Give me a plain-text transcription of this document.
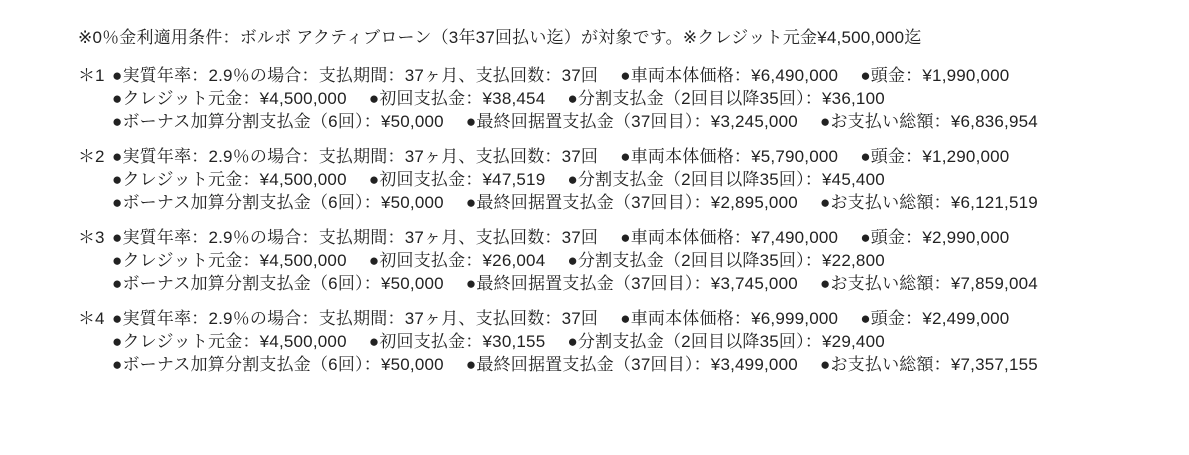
※0％金利適用条件：ボルボ アクティブローン（3年37回払い迄）が対象です。※クレジット元金¥4,500,000迄

＊1 ●実質年率：2.9％の場合：支払期間：37ヶ月、支払回数：37回　 ●車両本体価格：¥6,490,000　 ●頭金：¥1,990,000

●クレジット元金：¥4,500,000　 ●初回支払金：¥38,454　 ●分割支払金（2回目以降35回）：¥36,100

●ボーナス加算分割支払金（6回）：¥50,000　 ●最終回据置支払金（37回目）：¥3,245,000　 ●お支払い総額：¥6,836,954

＊2 ●実質年率：2.9％の場合：支払期間：37ヶ月、支払回数：37回　 ●車両本体価格：¥5,790,000　 ●頭金：¥1,290,000

●クレジット元金：¥4,500,000　 ●初回支払金：¥47,519　 ●分割支払金（2回目以降35回）：¥45,400

●ボーナス加算分割支払金（6回）：¥50,000　 ●最終回据置支払金（37回目）：¥2,895,000　 ●お支払い総額：¥6,121,519

＊3 ●実質年率：2.9％の場合：支払期間：37ヶ月、支払回数：37回　 ●車両本体価格：¥7,490,000　 ●頭金：¥2,990,000

●クレジット元金：¥4,500,000　 ●初回支払金：¥26,004　 ●分割支払金（2回目以降35回）：¥22,800

●ボーナス加算分割支払金（6回）：¥50,000　 ●最終回据置支払金（37回目）：¥3,745,000　 ●お支払い総額：¥7,859,004

＊4 ●実質年率：2.9％の場合：支払期間：37ヶ月、支払回数：37回　 ●車両本体価格：¥6,999,000　 ●頭金：¥2,499,000

●クレジット元金：¥4,500,000　 ●初回支払金：¥30,155　 ●分割支払金（2回目以降35回）：¥29,400

●ボーナス加算分割支払金（6回）：¥50,000　 ●最終回据置支払金（37回目）：¥3,499,000　 ●お支払い総額：¥7,357,155
